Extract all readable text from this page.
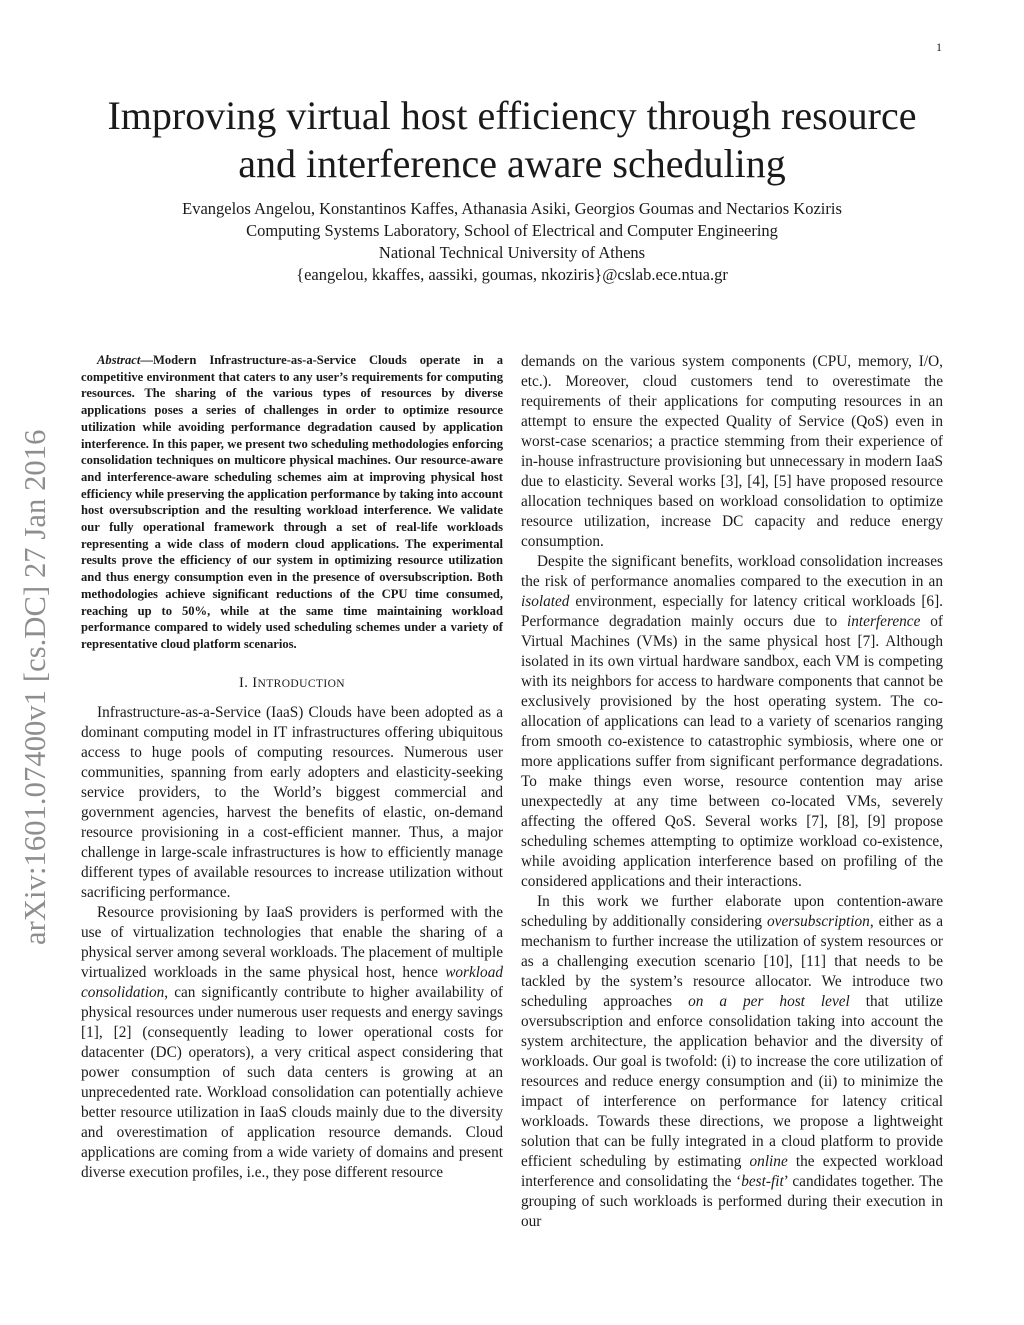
1
arXiv:1601.07400v1 [cs.DC] 27 Jan 2016
Improving virtual host efficiency through resource
and interference aware scheduling
Evangelos Angelou, Konstantinos Kaffes, Athanasia Asiki, Georgios Goumas and Nectarios Koziris
Computing Systems Laboratory, School of Electrical and Computer Engineering
National Technical University of Athens
{eangelou, kkaffes, aassiki, goumas, nkoziris}@cslab.ece.ntua.gr

Abstract—Modern Infrastructure-as-a-Service Clouds operate in a competitive environment that caters to any user’s requirements for computing resources. The sharing of the various types of resources by diverse applications poses a series of challenges in order to optimize resource utilization while avoiding performance degradation caused by application interference. In this paper, we present two scheduling methodologies enforcing consolidation techniques on multicore physical machines. Our resource-aware and interference-aware scheduling schemes aim at improving physical host efficiency while preserving the application performance by taking into account host oversubscription and the resulting workload interference. We validate our fully operational framework through a set of real-life workloads representing a wide class of modern cloud applications. The experimental results prove the efficiency of our system in optimizing resource utilization and thus energy consumption even in the presence of oversubscription. Both methodologies achieve significant reductions of the CPU time consumed, reaching up to 50%, while at the same time maintaining workload performance compared to widely used scheduling schemes under a variety of representative cloud platform scenarios.

I. INTRODUCTION

Infrastructure-as-a-Service (IaaS) Clouds have been adopted as a dominant computing model in IT infrastructures offering ubiquitous access to huge pools of computing resources. Numerous user communities, spanning from early adopters and elasticity-seeking service providers, to the World’s biggest commercial and government agencies, harvest the benefits of elastic, on-demand resource provisioning in a cost-efficient manner. Thus, a major challenge in large-scale infrastructures is how to efficiently manage different types of available resources to increase utilization without sacrificing performance.

Resource provisioning by IaaS providers is performed with the use of virtualization technologies that enable the sharing of a physical server among several workloads. The placement of multiple virtualized workloads in the same physical host, hence workload consolidation, can significantly contribute to higher availability of physical resources under numerous user requests and energy savings [1], [2] (consequently leading to lower operational costs for datacenter (DC) operators), a very critical aspect considering that power consumption of such data centers is growing at an unprecedented rate. Workload consolidation can potentially achieve better resource utilization in IaaS clouds mainly due to the diversity and overestimation of application resource demands. Cloud applications are coming from a wide variety of domains and present diverse execution profiles, i.e., they pose different resource

demands on the various system components (CPU, memory, I/O, etc.). Moreover, cloud customers tend to overestimate the requirements of their applications for computing resources in an attempt to ensure the expected Quality of Service (QoS) even in worst-case scenarios; a practice stemming from their experience of in-house infrastructure provisioning but unnecessary in modern IaaS due to elasticity. Several works [3], [4], [5] have proposed resource allocation techniques based on workload consolidation to optimize resource utilization, increase DC capacity and reduce energy consumption.

Despite the significant benefits, workload consolidation increases the risk of performance anomalies compared to the execution in an isolated environment, especially for latency critical workloads [6]. Performance degradation mainly occurs due to interference of Virtual Machines (VMs) in the same physical host [7]. Although isolated in its own virtual hardware sandbox, each VM is competing with its neighbors for access to hardware components that cannot be exclusively provisioned by the host operating system. The co-allocation of applications can lead to a variety of scenarios ranging from smooth co-existence to catastrophic symbiosis, where one or more applications suffer from significant performance degradations. To make things even worse, resource contention may arise unexpectedly at any time between co-located VMs, severely affecting the offered QoS. Several works [7], [8], [9] propose scheduling schemes attempting to optimize workload co-existence, while avoiding application interference based on profiling of the considered applications and their interactions.

In this work we further elaborate upon contention-aware scheduling by additionally considering oversubscription, either as a mechanism to further increase the utilization of system resources or as a challenging execution scenario [10], [11] that needs to be tackled by the system’s resource allocator. We introduce two scheduling approaches on a per host level that utilize oversubscription and enforce consolidation taking into account the system architecture, the application behavior and the diversity of workloads. Our goal is twofold: (i) to increase the core utilization of resources and reduce energy consumption and (ii) to minimize the impact of interference on performance for latency critical workloads. Towards these directions, we propose a lightweight solution that can be fully integrated in a cloud platform to provide efficient scheduling by estimating online the expected workload interference and consolidating the ‘best-fit’ candidates together. The grouping of such workloads is performed during their execution in our
